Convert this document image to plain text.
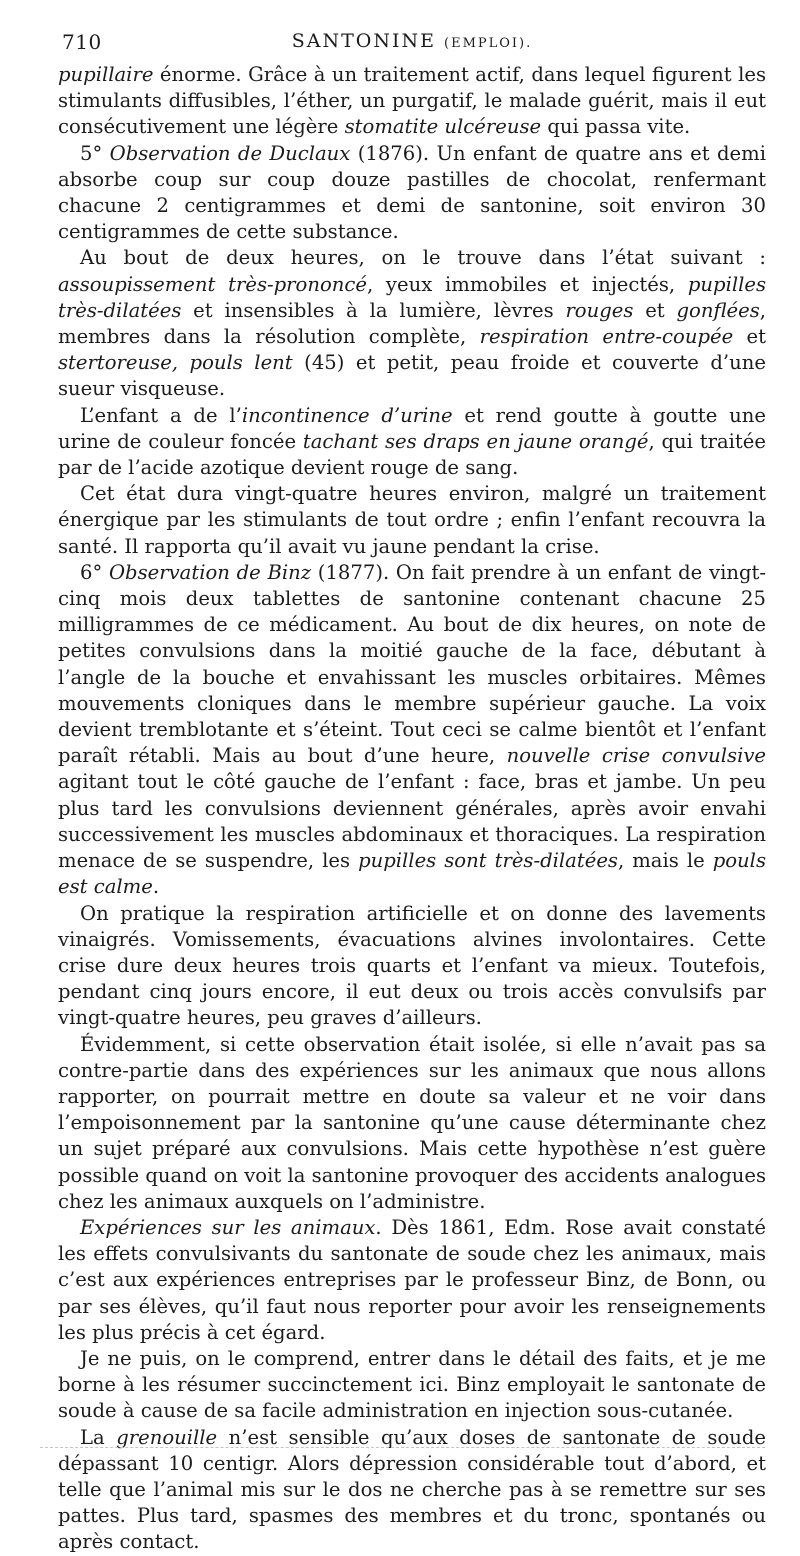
710	SANTONINE (EMPLOI).

pupillaire énorme. Grâce à un traitement actif, dans lequel figurent les stimulants diffusibles, l’éther, un purgatif, le malade guérit, mais il eut consécutivement une légère stomatite ulcéreuse qui passa vite.

5° Observation de Duclaux (1876). Un enfant de quatre ans et demi absorbe coup sur coup douze pastilles de chocolat, renfermant chacune 2 centigrammes et demi de santonine, soit environ 30 centigrammes de cette substance.

Au bout de deux heures, on le trouve dans l’état suivant : assoupissement très-prononcé, yeux immobiles et injectés, pupilles très-dilatées et insensibles à la lumière, lèvres rouges et gonflées, membres dans la résolution complète, respiration entre-coupée et stertoreuse, pouls lent (45) et petit, peau froide et couverte d’une sueur visqueuse.

L’enfant a de l’incontinence d’urine et rend goutte à goutte une urine de couleur foncée tachant ses draps en jaune orangé, qui traitée par de l’acide azotique devient rouge de sang.

Cet état dura vingt-quatre heures environ, malgré un traitement énergique par les stimulants de tout ordre ; enfin l’enfant recouvra la santé. Il rapporta qu’il avait vu jaune pendant la crise.

6° Observation de Binz (1877). On fait prendre à un enfant de vingt-cinq mois deux tablettes de santonine contenant chacune 25 milligrammes de ce médicament. Au bout de dix heures, on note de petites convulsions dans la moitié gauche de la face, débutant à l’angle de la bouche et envahissant les muscles orbitaires. Mêmes mouvements cloniques dans le membre supérieur gauche. La voix devient tremblotante et s’éteint. Tout ceci se calme bientôt et l’enfant paraît rétabli. Mais au bout d’une heure, nouvelle crise convulsive agitant tout le côté gauche de l’enfant : face, bras et jambe. Un peu plus tard les convulsions deviennent générales, après avoir envahi successivement les muscles abdominaux et thoraciques. La respiration menace de se suspendre, les pupilles sont très-dilatées, mais le pouls est calme.

On pratique la respiration artificielle et on donne des lavements vinaigrés. Vomissements, évacuations alvines involontaires. Cette crise dure deux heures trois quarts et l’enfant va mieux. Toutefois, pendant cinq jours encore, il eut deux ou trois accès convulsifs par vingt-quatre heures, peu graves d’ailleurs.

Évidemment, si cette observation était isolée, si elle n’avait pas sa contre-partie dans des expériences sur les animaux que nous allons rapporter, on pourrait mettre en doute sa valeur et ne voir dans l’empoisonnement par la santonine qu’une cause déterminante chez un sujet préparé aux convulsions. Mais cette hypothèse n’est guère possible quand on voit la santonine provoquer des accidents analogues chez les animaux auxquels on l’administre.

Expériences sur les animaux. Dès 1861, Edm. Rose avait constaté les effets convulsivants du santonate de soude chez les animaux, mais c’est aux expériences entreprises par le professeur Binz, de Bonn, ou par ses élèves, qu’il faut nous reporter pour avoir les renseignements les plus précis à cet égard.

Je ne puis, on le comprend, entrer dans le détail des faits, et je me borne à les résumer succinctement ici. Binz employait le santonate de soude à cause de sa facile administration en injection sous-cutanée.

La grenouille n’est sensible qu’aux doses de santonate de soude dépassant 10 centigr. Alors dépression considérable tout d’abord, et telle que l’animal mis sur le dos ne cherche pas à se remettre sur ses pattes. Plus tard, spasmes des membres et du tronc, spontanés ou après contact.
